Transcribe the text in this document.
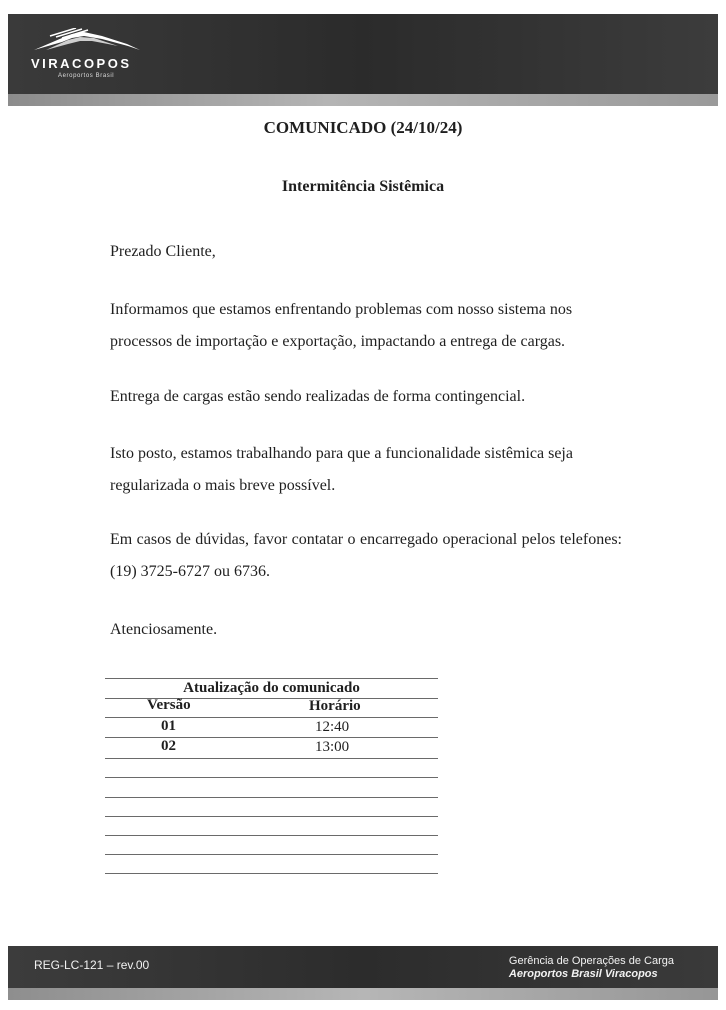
VIRACOPOS
Aeroportos Brasil
COMUNICADO (24/10/24)
Intermitência Sistêmica

Prezado Cliente,

Informamos que estamos enfrentando problemas com nosso sistema nos processos de importação e exportação, impactando a entrega de cargas.

Entrega de cargas estão sendo realizadas de forma contingencial.

Isto posto, estamos trabalhando para que a funcionalidade sistêmica seja regularizada o mais breve possível.

Em casos de dúvidas, favor contatar o encarregado operacional pelos telefones: (19) 3725-6727 ou 6736.

Atenciosamente.

Atualização do comunicado
Versão	Horário
01	12:40
02	13:00
REG-LC-121 – rev.00	Gerência de Operações de Carga
Aeroportos Brasil Viracopos
